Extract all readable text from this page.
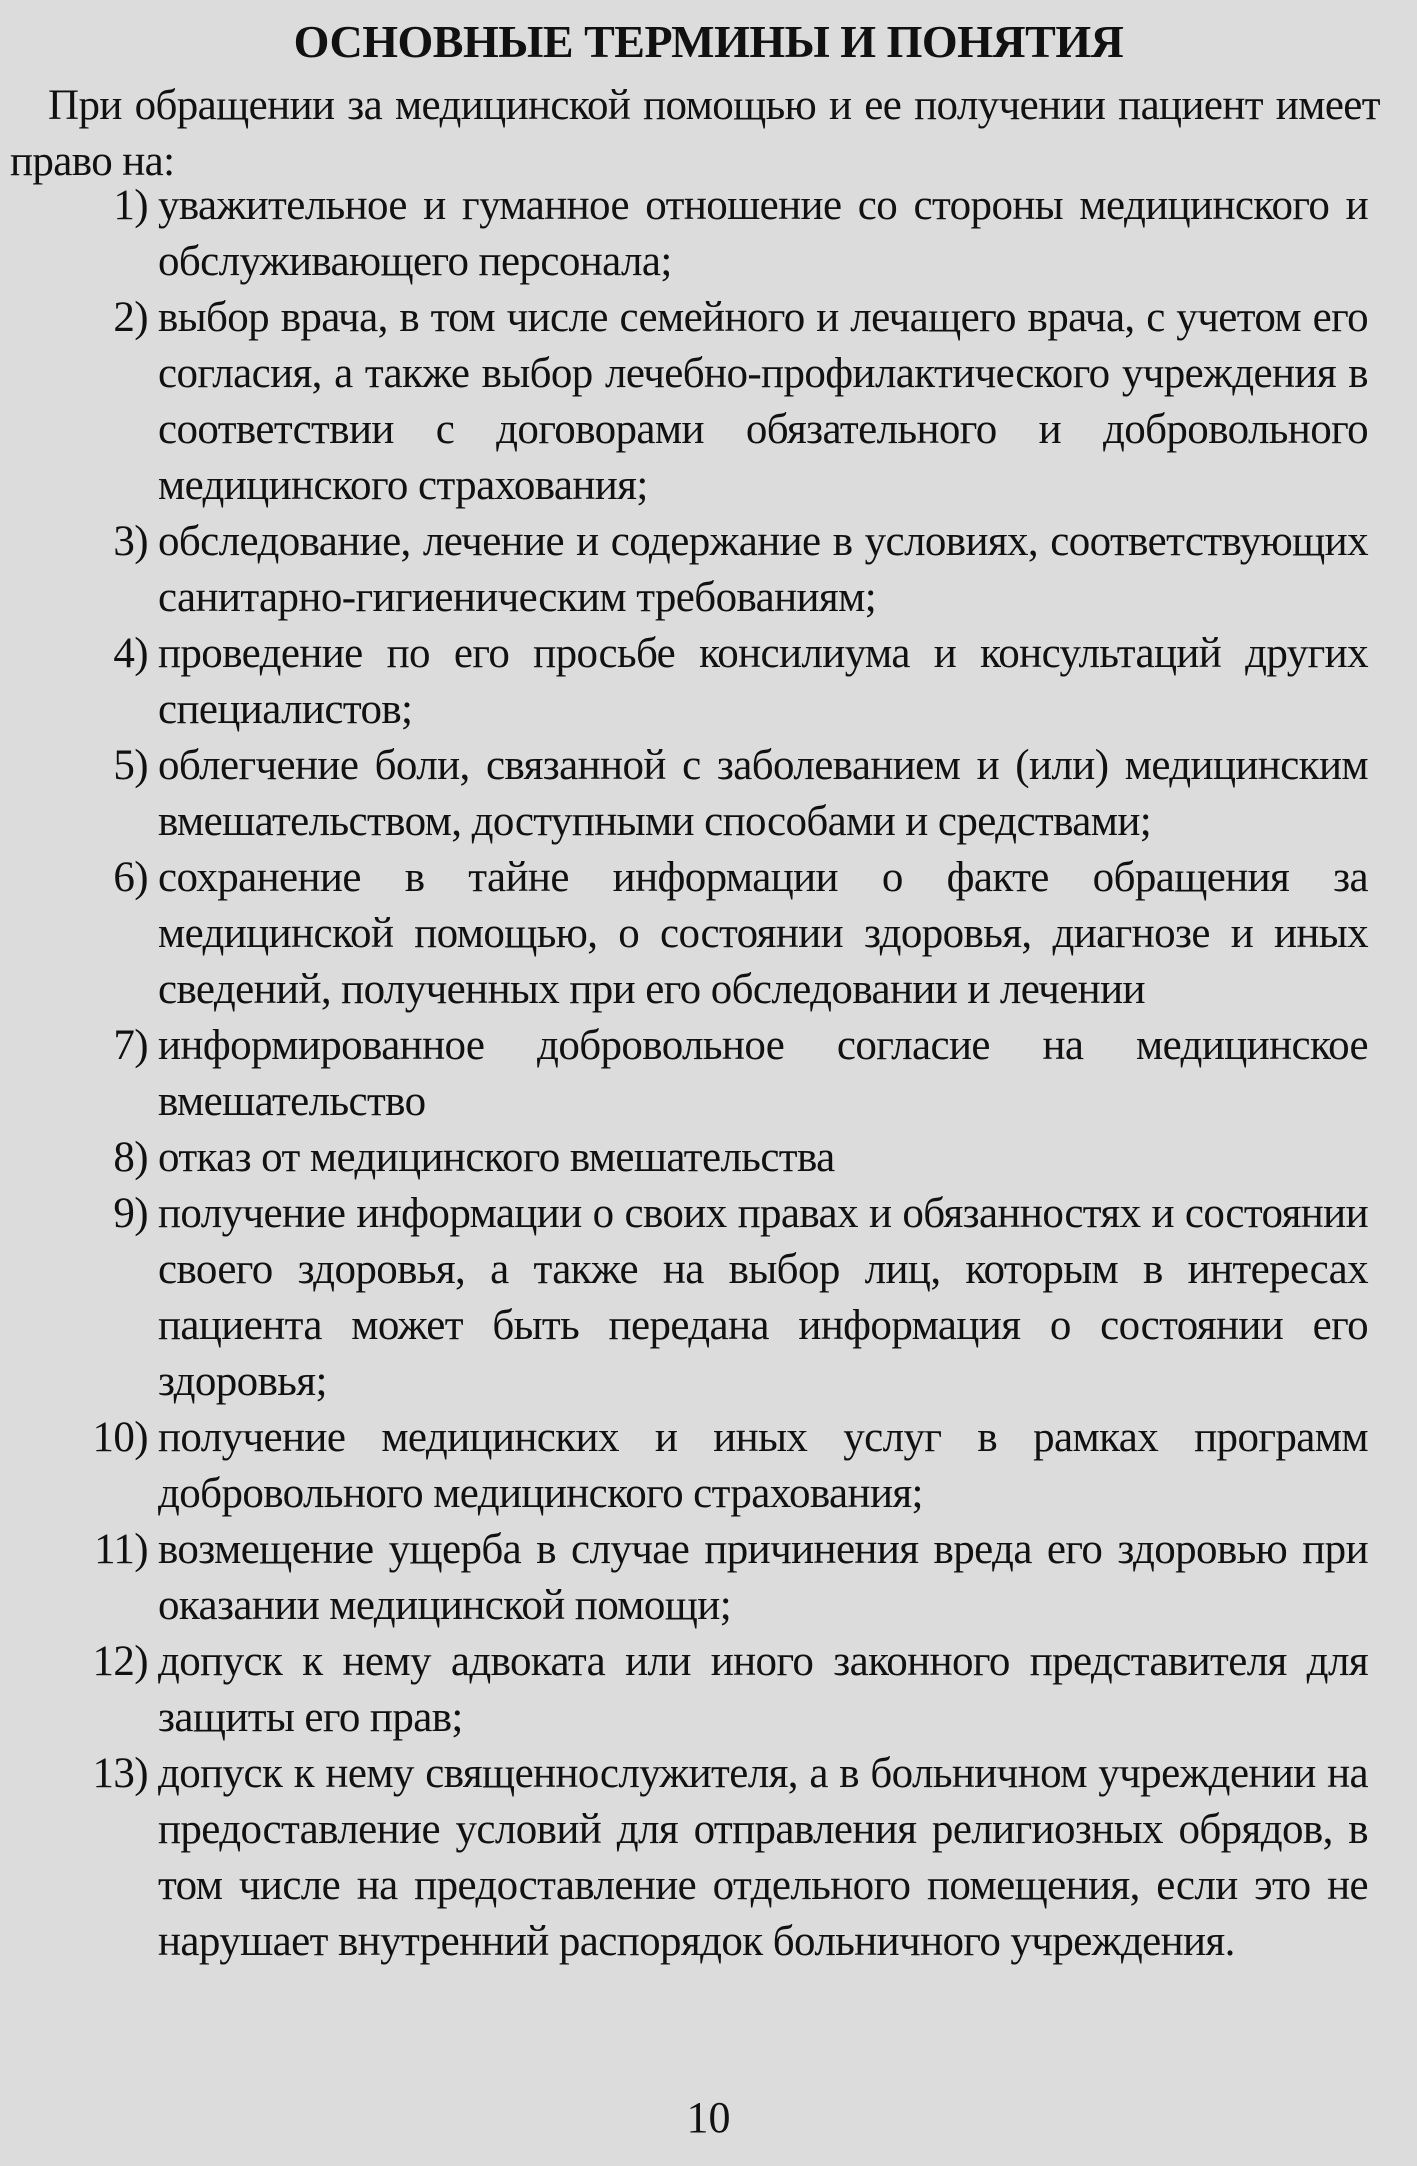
ОСНОВНЫЕ ТЕРМИНЫ И ПОНЯТИЯ
При обращении за медицинской помощью и ее получении пациент имеет право на:
1) уважительное и гуманное отношение со стороны медицинского и обслуживающего персонала;
2) выбор врача, в том числе семейного и лечащего врача, с учетом его согласия, а также выбор лечебно-профилактического учреждения в соответствии с договорами обязательного и добровольного медицинского страхования;
3) обследование, лечение и содержание в условиях, соответствующих санитарно-гигиеническим требованиям;
4) проведение по его просьбе консилиума и консультаций других специалистов;
5) облегчение боли, связанной с заболеванием и (или) медицинским вмешательством, доступными способами и средствами;
6) сохранение в тайне информации о факте обращения за медицинской помощью, о состоянии здоровья, диагнозе и иных сведений, полученных при его обследовании и лечении
7) информированное добровольное согласие на медицинское вмешательство
8) отказ от медицинского вмешательства
9) получение информации о своих правах и обязанностях и состоянии своего здоровья, а также на выбор лиц, которым в интересах пациента может быть передана информация о состоянии его здоровья;
10) получение медицинских и иных услуг в рамках программ добровольного медицинского страхования;
11) возмещение ущерба в случае причинения вреда его здоровью при оказании медицинской помощи;
12) допуск к нему адвоката или иного законного представителя для защиты его прав;
13) допуск к нему священнослужителя, а в больничном учреждении на предоставление условий для отправления религиозных обрядов, в том числе на предоставление отдельного помещения, если это не нарушает внутренний распорядок больничного учреждения.
10
